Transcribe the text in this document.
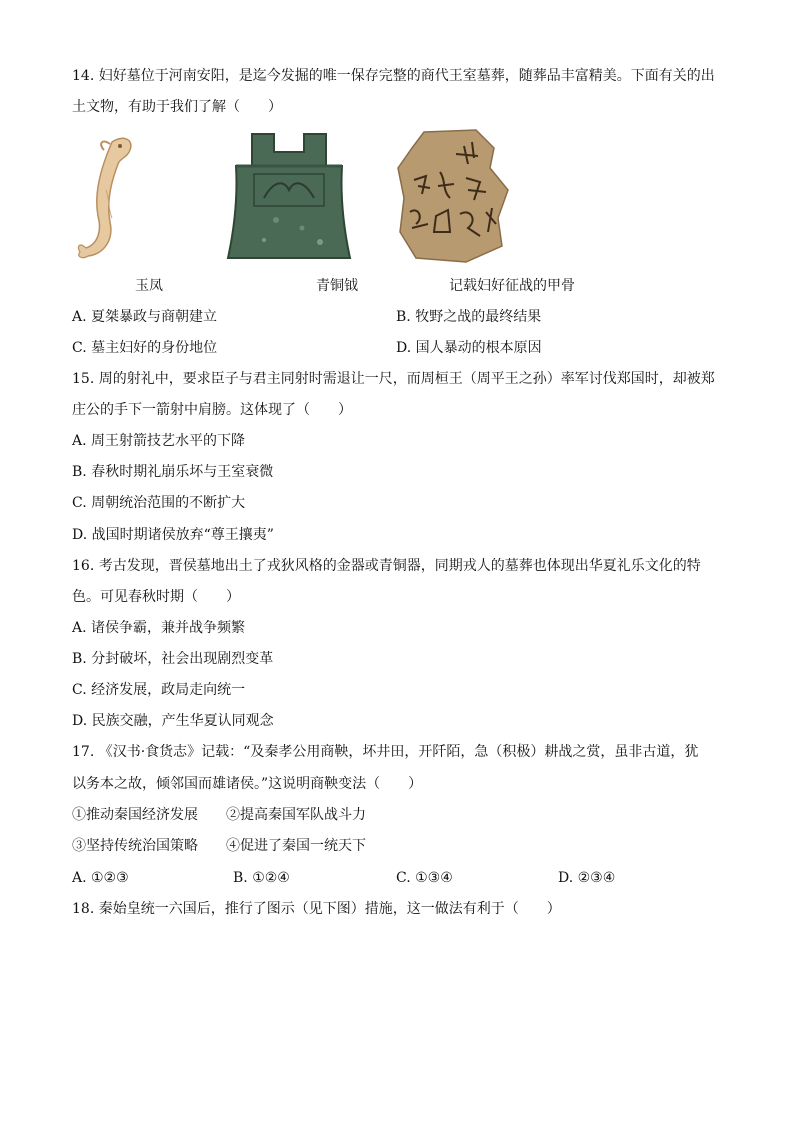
14. 妇好墓位于河南安阳，是迄今发掘的唯一保存完整的商代王室墓葬，随葬品丰富精美。下面有关的出
土文物，有助于我们了解（　　）
玉凤	青铜钺	记载妇好征战的甲骨
A. 夏桀暴政与商朝建立	B. 牧野之战的最终结果
C. 墓主妇好的身份地位	D. 国人暴动的根本原因
15. 周的射礼中，要求臣子与君主同射时需退让一尺，而周桓王（周平王之孙）率军讨伐郑国时，却被郑
庄公的手下一箭射中肩膀。这体现了（　　）
A. 周王射箭技艺水平的下降
B. 春秋时期礼崩乐坏与王室衰微
C. 周朝统治范围的不断扩大
D. 战国时期诸侯放弃“尊王攘夷”
16. 考古发现，晋侯墓地出土了戎狄风格的金器或青铜器，同期戎人的墓葬也体现出华夏礼乐文化的特
色。可见春秋时期（　　）
A. 诸侯争霸，兼并战争频繁
B. 分封破坏，社会出现剧烈变革
C. 经济发展，政局走向统一
D. 民族交融，产生华夏认同观念
17. 《汉书·食货志》记载：“及秦孝公用商鞅，坏井田，开阡陌，急（积极）耕战之赏，虽非古道，犹
以务本之故，倾邻国而雄诸侯。”这说明商鞅变法（　　）
①推动秦国经济发展 ②提高秦国军队战斗力
③坚持传统治国策略 ④促进了秦国一统天下
A. ①②③	B. ①②④	C. ①③④	D. ②③④
18. 秦始皇统一六国后，推行了图示（见下图）措施，这一做法有利于（　　）
